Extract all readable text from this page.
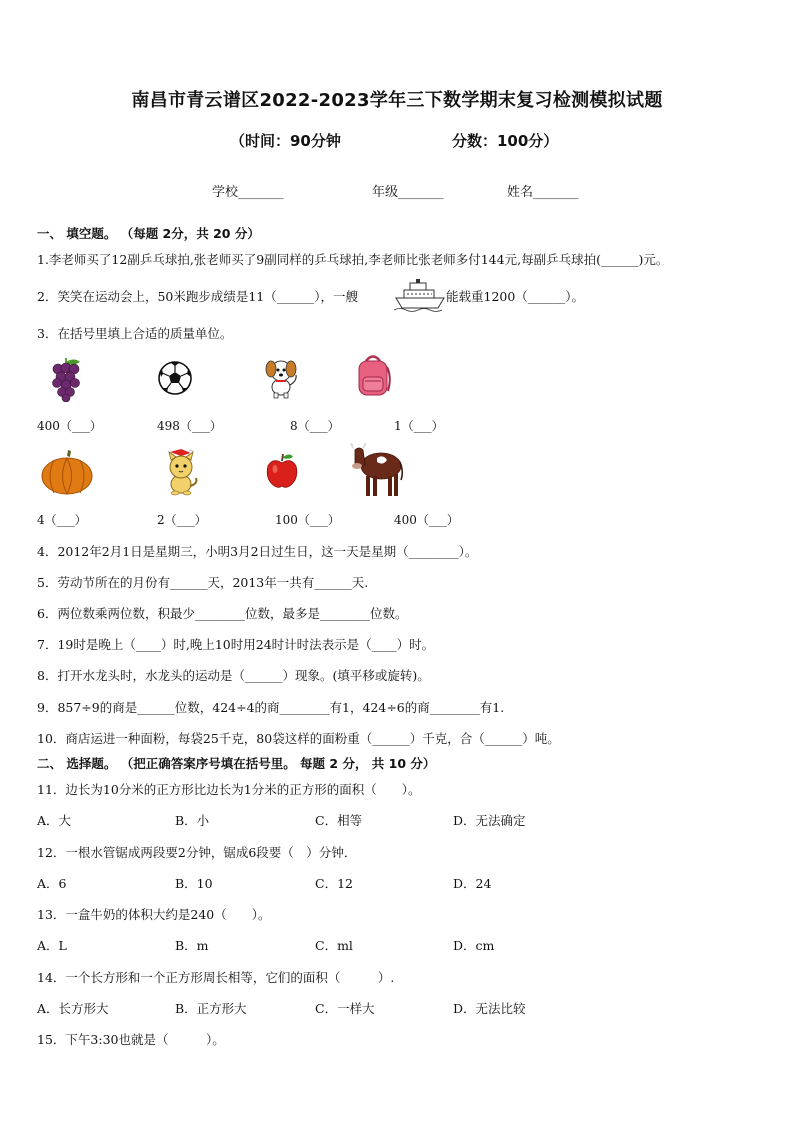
南昌市青云谱区2022-2023学年三下数学期末复习检测模拟试题
（时间：90分钟	分数：100分）
学校_______	年级_______	姓名_______
一、 填空题。 （每题 2分，共 20 分）
1.李老师买了12副乒乓球拍,张老师买了9副同样的乒乓球拍,李老师比张老师多付144元,每副乒乓球拍(______)元。
2．笑笑在运动会上，50米跑步成绩是11（______），一艘	能载重1200（______）。
3．在括号里填上合适的质量单位。
400（___）	498（___）	8（___）	1（___）
4（___）	2（___）	100（___）	400（___）
4．2012年2月1日是星期三，小明3月2日过生日，这一天是星期（________）。
5．劳动节所在的月份有______天，2013年一共有______天.
6．两位数乘两位数，积最少________位数，最多是________位数。
7．19时是晚上（____）时,晚上10时用24时计时法表示是（____）时。
8．打开水龙头时，水龙头的运动是（______）现象。(填平移或旋转)。
9．857÷9的商是______位数，424÷4的商________有1，424÷6的商________有1.
10．商店运进一种面粉，每袋25千克，80袋这样的面粉重（______）千克，合（______）吨。
二、 选择题。 （把正确答案序号填在括号里。 每题 2 分， 共 10 分）
11．边长为10分米的正方形比边长为1分米的正方形的面积（　　）。
A．大	B．小	C．相等	D．无法确定
12．一根水管锯成两段要2分钟，锯成6段要（　）分钟．
A．6	B．10	C．12	D．24
13．一盒牛奶的体积大约是240（　　）。
A．L	B．m	C．ml	D．cm
14．一个长方形和一个正方形周长相等，它们的面积（　　　）.
A．长方形大	B．正方形大	C．一样大	D．无法比较
15．下午3:30也就是（　　　）。
